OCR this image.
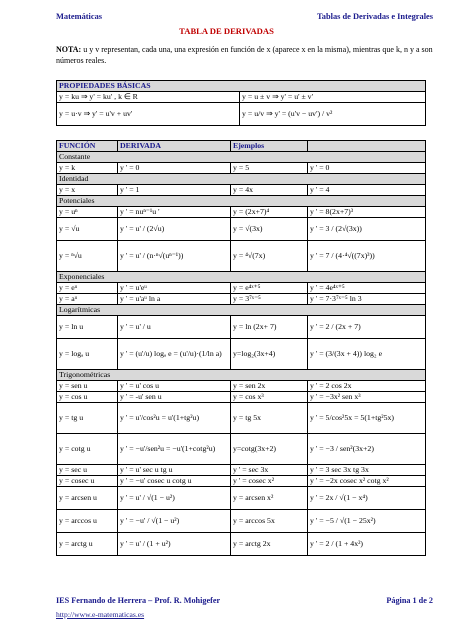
Matemáticas	Tablas de Derivadas e Integrales
TABLA DE DERIVADAS
NOTA: u y v representan, cada una, una expresión en función de x (aparece x en la misma), mientras que k, n y a son números reales.
PROPIEDADES BÁSICAS
y = ku ⇒ y' = ku' , k ∈ R	y = u ± v ⇒ y' = u' ± v'
y = u·v ⇒ y' = u'v + uv'	y = u/v ⇒ y' = (u'v − uv') / v²
FUNCIÓN	DERIVADA	Ejemplos
Constante
y = k	y ' = 0	y = 5	y ' = 0
Identidad
y = x	y ' = 1	y = 4x	y ' = 4
Potenciales
y = uⁿ	y ' = nuⁿ⁻¹u '	y = (2x+7)⁴	y ' = 8(2x+7)³
y = √u	y ' = u' / (2√u)	y = √(3x)	y ' = 3 / (2√(3x))
y = ⁿ√u	y ' = u' / (n·ⁿ√(uⁿ⁻¹))	y = ⁴√(7x)	y ' = 7 / (4·⁴√((7x)³))
Exponenciales
y = eᵘ	y ' = u'eᵘ	y = e⁴ˣ⁺⁵	y ' = 4e⁴ˣ⁺⁵
y = aᵘ	y ' = u'aᵘ ln a	y = 3⁷ˣ⁻⁵	y ' = 7·3⁷ˣ⁻⁵ ln 3
Logarítmicas
y = ln u	y ' = u' / u	y = ln (2x+ 7)	y ' = 2 / (2x + 7)
y = logₐ u	y ' = (u'/u) logₐ e = (u'/u)·(1/ln a)	y=log₂(3x+4)	y ' = (3/(3x + 4)) log₂ e
Trigonométricas
y = sen u	y ' = u' cos u	y = sen 2x	y ' = 2 cos 2x
y = cos u	y ' = -u' sen u	y = cos x³	y ' = −3x² sen x³
y = tg u	y ' = u'/cos²u = u'(1+tg²u)	y = tg 5x	y ' = 5/cos²5x = 5(1+tg²5x)
y = cotg u	y ' = −u'/sen²u = −u'(1+cotg²u)	y=cotg(3x+2)	y ' = −3 / sen²(3x+2)
y = sec u	y ' = u' sec u tg u	y ' = sec 3x	y ' = 3 sec 3x tg 3x
y = cosec u	y ' = −u' cosec u cotg u	y ' = cosec x²	y ' = −2x cosec x² cotg x²
y = arcsen u	y ' = u' / √(1 − u²)	y = arcsen x²	y ' = 2x / √(1 − x⁴)
y = arccos u	y ' = −u' / √(1 − u²)	y = arccos 5x	y ' = −5 / √(1 − 25x²)
y = arctg u	y ' = u' / (1 + u²)	y = arctg 2x	y ' = 2 / (1 + 4x²)
IES Fernando de Herrera – Prof. R. Mohigefer	Página 1 de 2
http://www.e-matematicas.es
